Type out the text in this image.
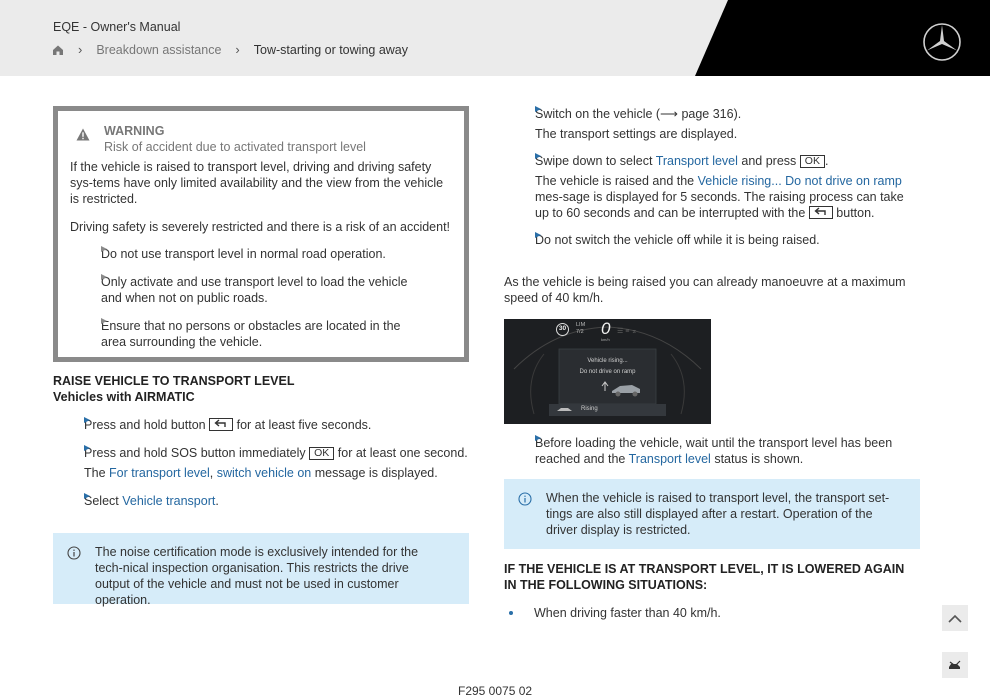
EQE - Owner's Manual
› Breakdown assistance › Tow-starting or towing away
WARNING
Risk of accident due to activated transport level
If the vehicle is raised to transport level, driving and driving safety sys-tems have only limited availability and the view from the vehicle is restricted.
Driving safety is severely restricted and there is a risk of an accident!
Do not use transport level in normal road operation.
Only activate and use transport level to load the vehicle and when not on public roads.
Ensure that no persons or obstacles are located in the area surrounding the vehicle.
RAISE VEHICLE TO TRANSPORT LEVEL
Vehicles with AIRMATIC
Press and hold button for at least five seconds.
Press and hold SOS button immediately OK for at least one second.
The For transport level, switch vehicle on message is displayed.
Select Vehicle transport.
The noise certification mode is exclusively intended for the tech-nical inspection organisation. This restricts the drive output of the vehicle and must not be used in customer operation.
Switch on the vehicle (⟶ page 316).
The transport settings are displayed.
Swipe down to select Transport level and press OK .
The vehicle is raised and the Vehicle rising... Do not drive on ramp mes-sage is displayed for 5 seconds. The raising process can take up to 60 seconds and can be interrupted with the button.
Do not switch the vehicle off while it is being raised.
As the vehicle is being raised you can already manoeuvre at a maximum speed of 40 km/h.
☰ ≡ ⌅
30	LIM
7/2 0
km/h
Vehicle rising...
Do not drive on ramp
Rising
Before loading the vehicle, wait until the transport level has been reached and the Transport level status is shown.
When the vehicle is raised to transport level, the transport set-tings are also still displayed after a restart. Operation of the driver display is restricted.
IF THE VEHICLE IS AT TRANSPORT LEVEL, IT IS LOWERED AGAIN IN THE FOLLOWING SITUATIONS:
When driving faster than 40 km/h.
F295 0075 02
